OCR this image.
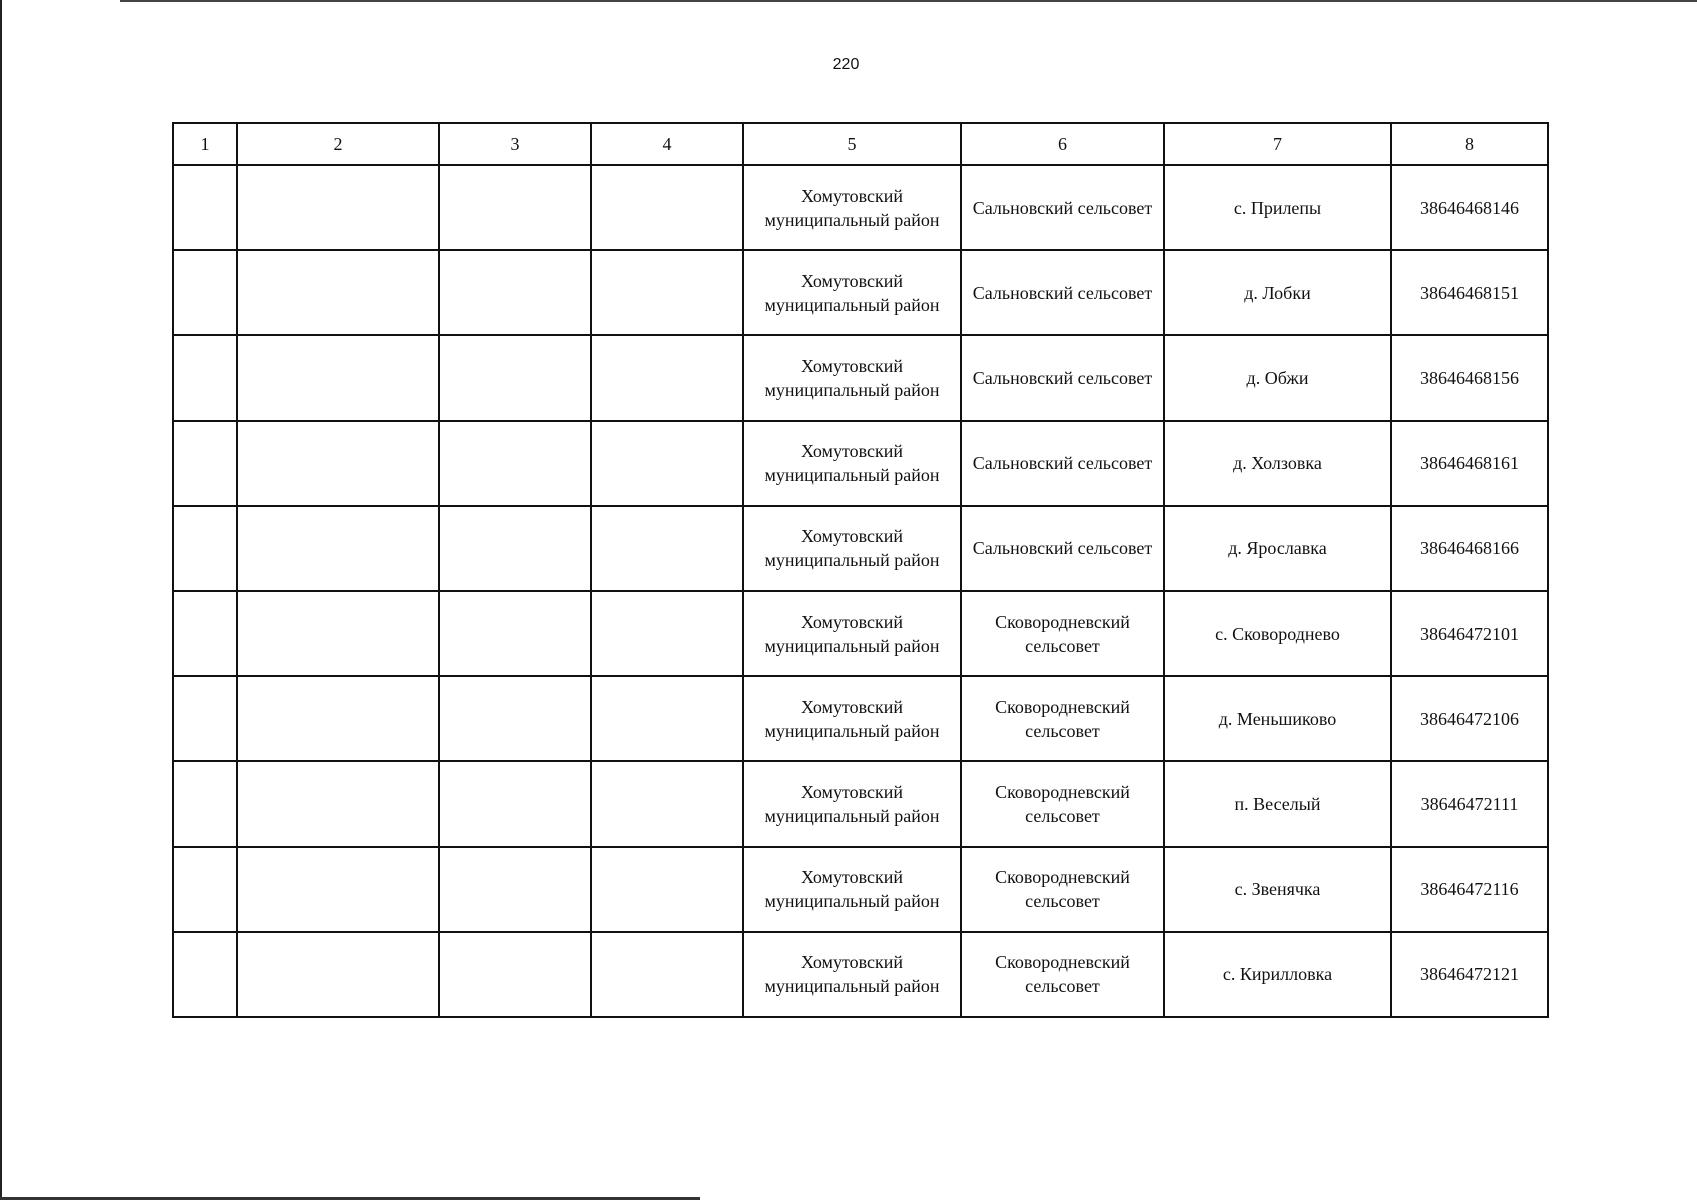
220
1	2	3	4	5	6	7	8
				Хомутовский муниципальный район	Сальновский сельсовет	с. Прилепы	38646468146
				Хомутовский муниципальный район	Сальновский сельсовет	д. Лобки	38646468151
				Хомутовский муниципальный район	Сальновский сельсовет	д. Обжи	38646468156
				Хомутовский муниципальный район	Сальновский сельсовет	д. Холзовка	38646468161
				Хомутовский муниципальный район	Сальновский сельсовет	д. Ярославка	38646468166
				Хомутовский муниципальный район	Сковородневский сельсовет	с. Сковороднево	38646472101
				Хомутовский муниципальный район	Сковородневский сельсовет	д. Меньшиково	38646472106
				Хомутовский муниципальный район	Сковородневский сельсовет	п. Веселый	38646472111
				Хомутовский муниципальный район	Сковородневский сельсовет	с. Звенячка	38646472116
				Хомутовский муниципальный район	Сковородневский сельсовет	с. Кирилловка	38646472121
